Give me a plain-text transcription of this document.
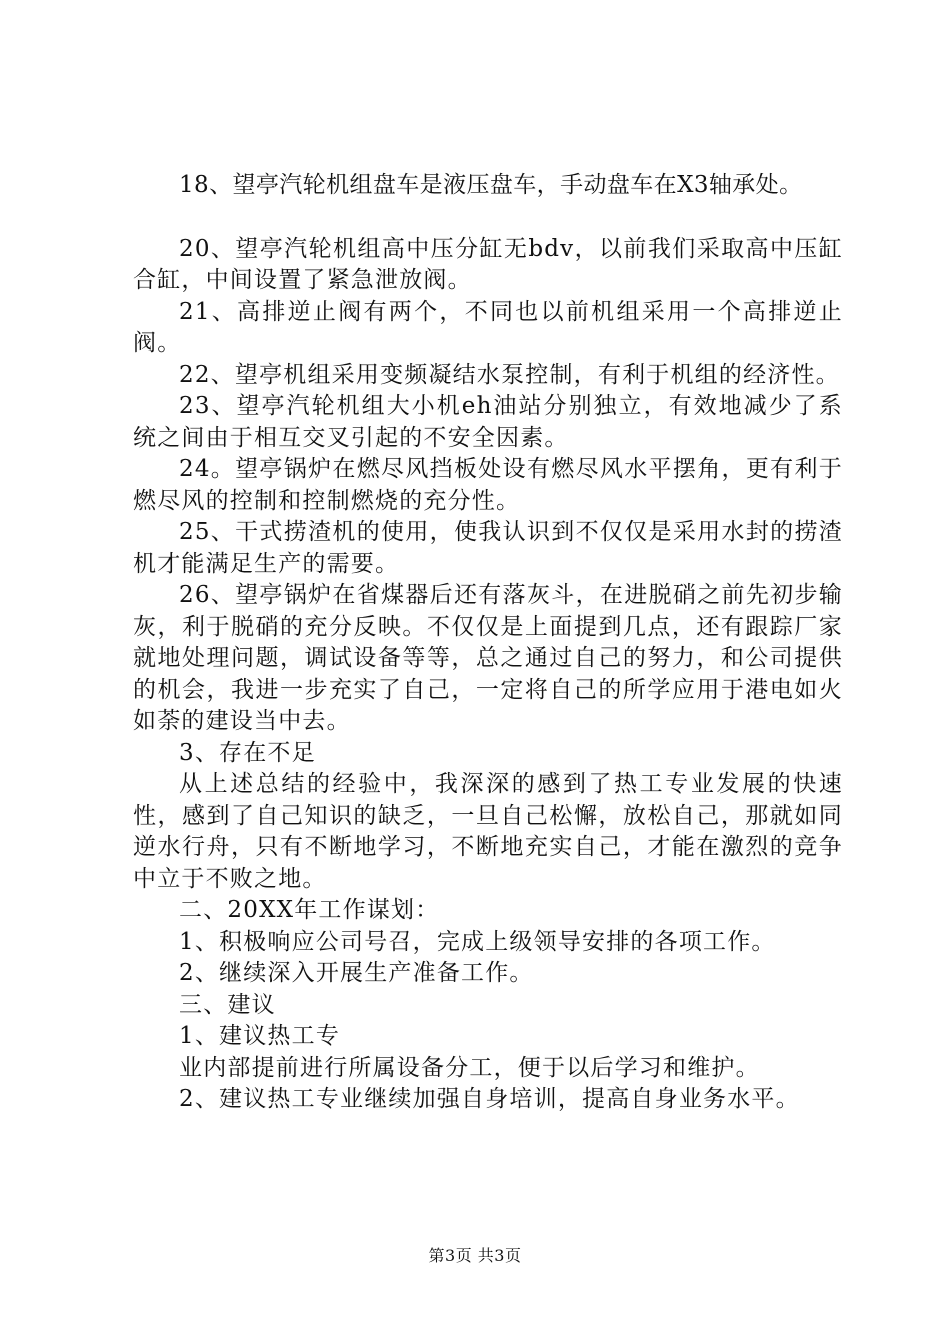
18、望亭汽轮机组盘车是液压盘车，手动盘车在X3轴承处。

20、望亭汽轮机组高中压分缸无bdv，以前我们采取高中压缸合缸，中间设置了紧急泄放阀。

21、高排逆止阀有两个，不同也以前机组采用一个高排逆止阀。

22、望亭机组采用变频凝结水泵控制，有利于机组的经济性。

23、望亭汽轮机组大小机eh油站分别独立，有效地减少了系统之间由于相互交叉引起的不安全因素。

24。望亭锅炉在燃尽风挡板处设有燃尽风水平摆角，更有利于燃尽风的控制和控制燃烧的充分性。

25、干式捞渣机的使用，使我认识到不仅仅是采用水封的捞渣机才能满足生产的需要。

26、望亭锅炉在省煤器后还有落灰斗，在进脱硝之前先初步输灰，利于脱硝的充分反映。不仅仅是上面提到几点，还有跟踪厂家就地处理问题，调试设备等等，总之通过自己的努力，和公司提供的机会，我进一步充实了自己，一定将自己的所学应用于港电如火如荼的建设当中去。

3、存在不足

从上述总结的经验中，我深深的感到了热工专业发展的快速性，感到了自己知识的缺乏，一旦自己松懈，放松自己，那就如同逆水行舟，只有不断地学习，不断地充实自己，才能在激烈的竞争中立于不败之地。

二、20XX年工作谋划：

1、积极响应公司号召，完成上级领导安排的各项工作。

2、继续深入开展生产准备工作。

三、建议

1、建议热工专

业内部提前进行所属设备分工，便于以后学习和维护。

2、建议热工专业继续加强自身培训，提高自身业务水平。

第3页 共3页
